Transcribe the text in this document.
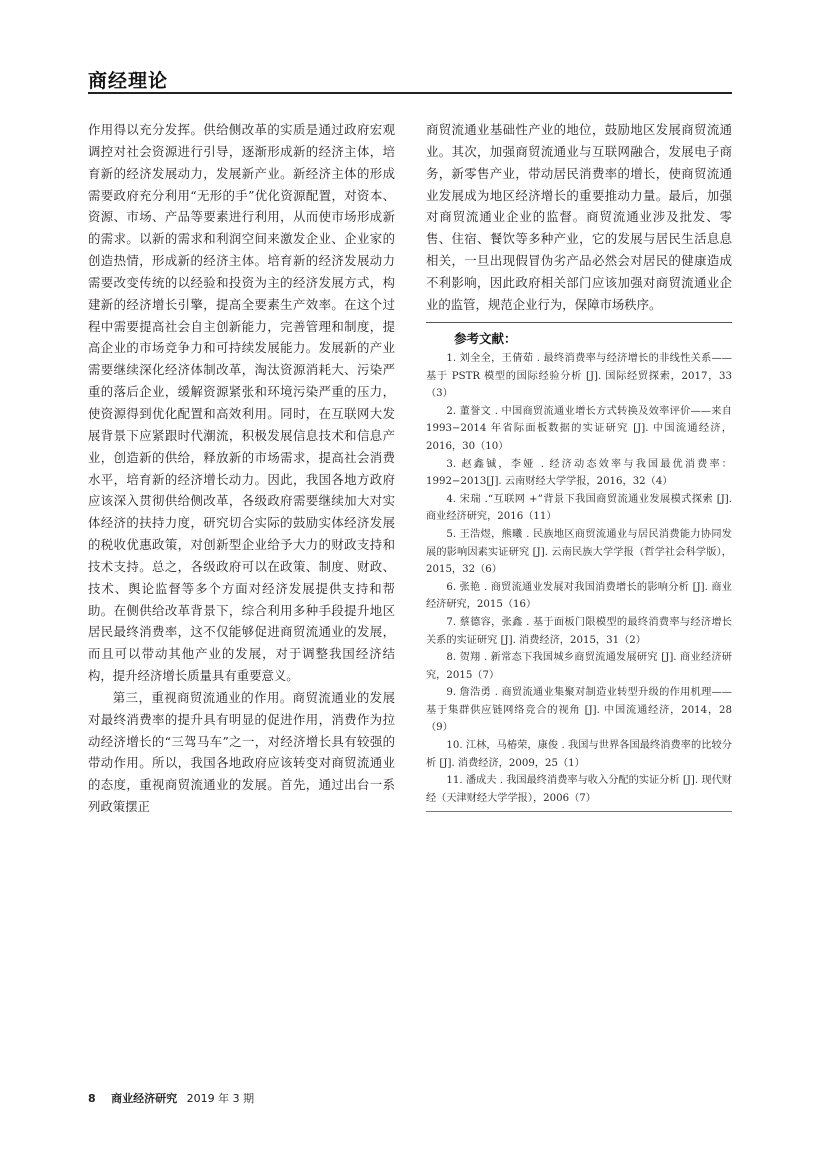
商经理论

作用得以充分发挥。供给侧改革的实质是通过政府宏观调控对社会资源进行引导，逐渐形成新的经济主体，培育新的经济发展动力，发展新产业。新经济主体的形成需要政府充分利用“无形的手”优化资源配置，对资本、资源、市场、产品等要素进行利用，从而使市场形成新的需求。以新的需求和利润空间来激发企业、企业家的创造热情，形成新的经济主体。培育新的经济发展动力需要改变传统的以经验和投资为主的经济发展方式，构建新的经济增长引擎，提高全要素生产效率。在这个过程中需要提高社会自主创新能力，完善管理和制度，提高企业的市场竞争力和可持续发展能力。发展新的产业需要继续深化经济体制改革，淘汰资源消耗大、污染严重的落后企业，缓解资源紧张和环境污染严重的压力，使资源得到优化配置和高效利用。同时，在互联网大发展背景下应紧跟时代潮流，积极发展信息技术和信息产业，创造新的供给，释放新的市场需求，提高社会消费水平，培育新的经济增长动力。因此，我国各地方政府应该深入贯彻供给侧改革，各级政府需要继续加大对实体经济的扶持力度，研究切合实际的鼓励实体经济发展的税收优惠政策，对创新型企业给予大力的财政支持和技术支持。总之，各级政府可以在政策、制度、财政、技术、舆论监督等多个方面对经济发展提供支持和帮助。在侧供给改革背景下，综合利用多种手段提升地区居民最终消费率，这不仅能够促进商贸流通业的发展，而且可以带动其他产业的发展，对于调整我国经济结构，提升经济增长质量具有重要意义。

第三，重视商贸流通业的作用。商贸流通业的发展对最终消费率的提升具有明显的促进作用，消费作为拉动经济增长的“三驾马车”之一，对经济增长具有较强的带动作用。所以，我国各地政府应该转变对商贸流通业的态度，重视商贸流通业的发展。首先，通过出台一系列政策摆正

商贸流通业基础性产业的地位，鼓励地区发展商贸流通业。其次，加强商贸流通业与互联网融合，发展电子商务，新零售产业，带动居民消费率的增长，使商贸流通业发展成为地区经济增长的重要推动力量。最后，加强对商贸流通业企业的监督。商贸流通业涉及批发、零售、住宿、餐饮等多种产业，它的发展与居民生活息息相关，一旦出现假冒伪劣产品必然会对居民的健康造成不利影响，因此政府相关部门应该加强对商贸流通业企业的监管，规范企业行为，保障市场秩序。

参考文献：
1. 刘全全，王倩茹 . 最终消费率与经济增长的非线性关系——基于 PSTR 模型的国际经验分析 [J]. 国际经贸探索，2017，33（3）
2. 董誉文 . 中国商贸流通业增长方式转换及效率评价——来自 1993−2014 年省际面板数据的实证研究 [J]. 中国流通经济，2016，30（10）
3. 赵鑫铖，李娅 . 经济动态效率与我国最优消费率：1992−2013[J]. 云南财经大学学报，2016，32（4）
4. 宋瑞 .“互联网 +”背景下我国商贸流通业发展模式探索 [J]. 商业经济研究，2016（11）
5. 王浩煜，熊曦 . 民族地区商贸流通业与居民消费能力协同发展的影响因素实证研究 [J]. 云南民族大学学报（哲学社会科学版），2015，32（6）
6. 张艳 . 商贸流通业发展对我国消费增长的影响分析 [J]. 商业经济研究，2015（16）
7. 蔡德容，张鑫 . 基于面板门限模型的最终消费率与经济增长关系的实证研究 [J]. 消费经济，2015，31（2）
8. 贺翔 . 新常态下我国城乡商贸流通发展研究 [J]. 商业经济研究，2015（7）
9. 詹浩勇 . 商贸流通业集聚对制造业转型升级的作用机理——基于集群供应链网络竞合的视角 [J]. 中国流通经济，2014，28（9）
10. 江林，马椿荣，康俊 . 我国与世界各国最终消费率的比较分析 [J]. 消费经济，2009，25（1）
11. 潘成夫 . 我国最终消费率与收入分配的实证分析 [J]. 现代财经（天津财经大学学报），2006（7）
8 商业经济研究 2019 年 3 期
